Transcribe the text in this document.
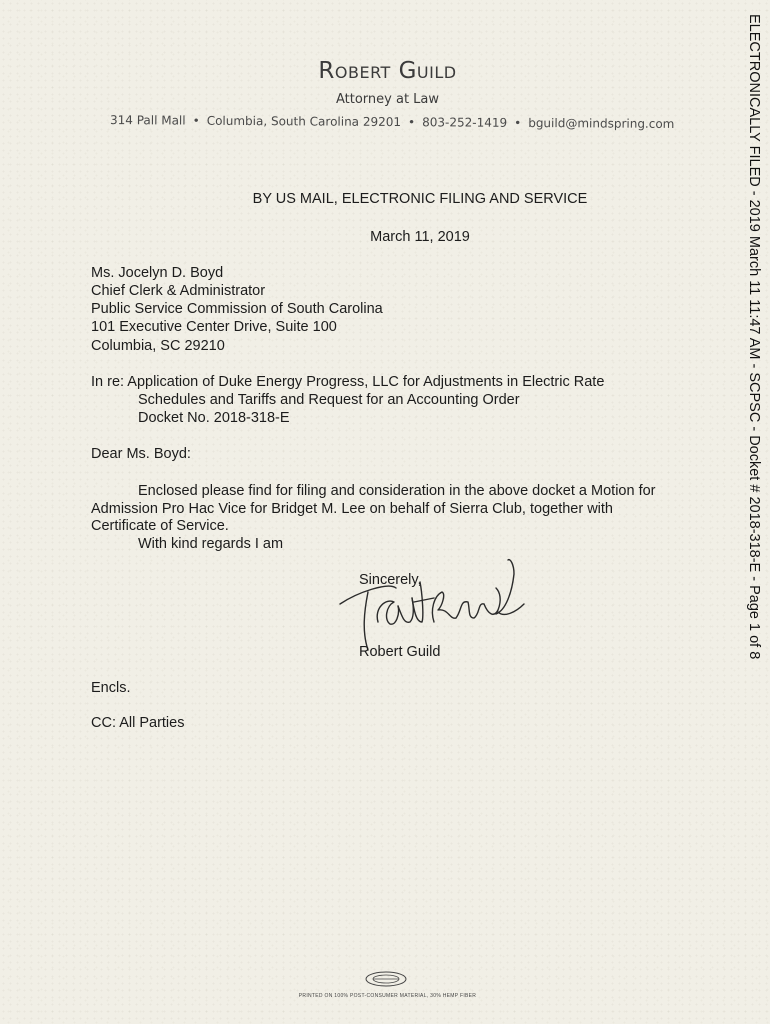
Robert Guild
Attorney at Law
314 Pall Mall • Columbia, South Carolina 29201 • 803-252-1419 • bguild@mindspring.com	ELECTRONICALLY FILED - 2019 March 11 11:47 AM - SCPSC - Docket # 2018-318-E - Page 1 of 8
BY US MAIL, ELECTRONIC FILING AND SERVICE
March 11, 2019
Ms. Jocelyn D. Boyd
Chief Clerk & Administrator
Public Service Commission of South Carolina
101 Executive Center Drive, Suite 100
Columbia, SC 29210
In re: Application of Duke Energy Progress, LLC for Adjustments in Electric Rate
Schedules and Tariffs and Request for an Accounting Order
Docket No. 2018-318-E
Dear Ms. Boyd:
Enclosed please find for filing and consideration in the above docket a Motion for
Admission Pro Hac Vice for Bridget M. Lee on behalf of Sierra Club, together with
Certificate of Service.
With kind regards I am
Sincerely,
Robert Guild
Encls.
CC: All Parties
PRINTED ON 100% POST-CONSUMER MATERIAL, 30% HEMP FIBER
